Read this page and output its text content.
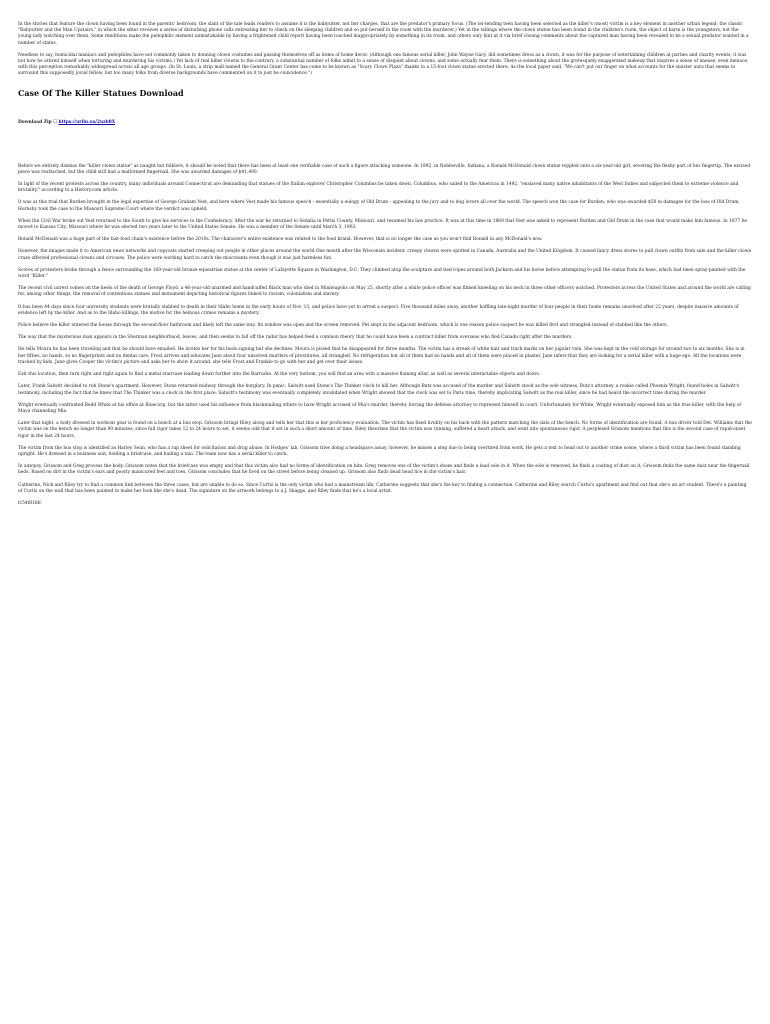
In the stories that feature the clown having been found in the parents' bedroom, the slant of the tale leads readers to assume it is the babysitter, not her charges, that are the predator's primary focus. (The tel-tending teen having been selected as the killer's (most) victim is a key element in another urban legend: the classic "Babysitter and the Man Upstairs," in which the sitter receives a series of disturbing phone calls entreating her to check on the sleeping children and so put herself in the room with the murderer.) Yet in the tellings where the clown statue has been found in the children's room, the object of harm is the youngsters, not the young lady watching over them. Some renditions make the pedophilic element unmistakable by having a frightened child report having been touched inappropriately by something in its room, and others only hint at it via brief closing comments about the captured man having been revealed to be a sexual predator wanted in a number of states.

Needless to say, homicidal maniacs and pedophiles have not commonly taken to donning clown costumes and passing themselves off as items of home decor. (Although one famous serial killer, John Wayne Gacy, did sometimes dress as a clown, it was for the purpose of entertaining children at parties and charity events; it was not how he attired himself when torturing and murdering his victims.) Yet lack of real killer clowns to the contrary, a substantial number of folks admit to a sense of disquiet about clowns, and some actually fear them. There is something about the grotesquely exaggerated makeup that inspires a sense of unease, even menace, with this perception remarkably widespread across all age groups. (In St. Louis, a strip mall named the General Grant Center has come to be known as "Scary Clown Plaza" thanks to a 15-foot clown statue erected there. As the local paper said, "We can't put our finger on what accounts for the sinister aura that seems to surround this supposedly jovial fellow, but too many folks from diverse backgrounds have commented on it to just be coincidence.")

Case Of The Killer Statues Download
Download Zip ☐ https://urlin.us/2nzb8X

Before we entirely dismiss the "killer clown statue" as naught but folklore, it should be noted that there has been at least one verifiable case of such a figure attacking someone. In 1992, in Noblesville, Indiana, a Ronald McDonald clown statue toppled onto a six-year-old girl, severing the fleshy part of her fingertip. The excised piece was reattached, but the child still had a malformed fingernail. She was awarded damages of $41,400.

In light of the recent protests across the country, many individuals around Connecticut are demanding that statues of the Italian explorer Christopher Columbus be taken down. Columbus, who sailed to the Americas in 1492, "enslaved many native inhabitants of the West Indies and subjected them to extreme violence and brutality," according to a History.com article.

It was at this trial that Burden brought in the legal expertise of George Graham Vest, and here where Vest made his famous speech - essentially a eulogy of Old Drum - appealing to the jury and to dog lovers all over the world. The speech won the case for Burden, who was awarded $50 in damages for the loss of Old Drum. Hornsby took the case to the Missouri Supreme Court where the verdict was upheld.

When the Civil War broke out Vest returned to the South to give his services to the Confederacy. After the war he returned to Sedalia in Pettis County, Missouri, and resumed his law practice. It was at this time in 1869 that Vest was asked to represent Burden and Old Drum in the case that would make him famous. In 1877 he moved to Kansas City, Missouri where he was elected two years later to the United States Senate. He was a member of the Senate until March 3, 1903.

Ronald McDonald was a huge part of the fast-food chain's existence before the 2010s. The character's entire existence was related to the food brand. However, that is no longer the case as you won't find Ronald in any McDonald's now.

However, the images made it to American news networks and copycats started creeping out people in other places around the world.One month after the Wisconsin incident, creepy clowns were spotted in Canada, Australia and the United Kingdom. It caused fancy dress stores to pull clown outfits from sale and the killer clown craze affected professional clowns and circuses. The police were working hard to catch the miscreants even though it was just harmless fun.

Scores of protesters broke through a fence surrounding the 160-year-old bronze equestrian statue at the center of Lafayette Square in Washington, D.C. They climbed atop the sculpture and tied ropes around both Jackson and his horse before attempting to pull the statue from its base, which had been spray-painted with the word "Killer."

The recent civil unrest comes on the heels of the death of George Floyd, a 46-year-old unarmed and handcuffed Black man who died in Minneapolis on May 25, shortly after a white police officer was filmed kneeling on his neck in three other officers watched. Protesters across the United States and around the world are calling for, among other things, the removal of contentious statues and monument depicting historical figures linked to racism, colonialism and slavery.

It has been 44 days since four university students were brutally stabbed to death in their Idaho home in the early hours of Nov. 13, and police have yet to arrest a suspect. Five thousand miles away, another baffling late-night murder of four people in their home remains unsolved after 22 years, despite massive amounts of evidence left by the killer. And as to the Idaho killings, the motive for the heinous crimes remains a mystery.

Police believe the killer entered the house through the second-floor bathroom and likely left the same way. Its window was open and the screen removed. Pet slept in the adjacent bedroom, which is one reason police suspect he was killed first and strangled instead of stabbed like the others.

The way that the mysterious man appears in the Sherman neighborhood, leaves, and then seems to fall off the radar has helped feed a common theory that he could have been a contract killer from overseas who fled Canada right after the murders.

He tells Moura he has been traveling and that he should have emailed. He invites her for his book signing but she declines. Moura is pissed that he disappeared for three months. The victim has a streak of white hair and track marks on her jugular vein. She was kept in the cold storage for around two to six months. She is in her fifties, no hands, so no fingerprints and no dental care. Frost arrives and educates Jane about four unsolved murders of prostitutes, all strangled. No refrigeration but all of them had no hands and all of them were placed in plaster. Jane infers that they are looking for a serial killer with a huge ego. All the locations were tracked by kids. Jane gives Cooper the victim's picture and asks her to show it around. she tells Frost and Frankie to go with her and get over their issues.

Exit this location, then turn right and right again to find a metal staircase leading down further into the Barracks. At the very bottom, you will find an area with a massive flaming altar, as well as several interactable objects and doors.

Later, Frank Salwitt decided to rob Stone's apartment. However, Stone returned midway through the burglary. In panic, Salwitt used Stone's The Thinker clock to kill her. Although Butz was accused of the murder and Salwitt stood as the sole witness, Butz's attorney, a rookie called Phoenix Wright, found holes in Salwitt's testimony, including the fact that he knew that The Thinker was a clock in the first place. Salwitt's testimony was eventually completely invalidated when Wright showed that the clock was set to Paris time, thereby implicating Salwitt as the real killer, since he had heard the incorrect time during the murder.

Wright eventually confronted Redd White at his office at Bluecorp, but the latter used his influence from blackmailing others to have Wright accused of Mia's murder, thereby forcing the defense attorney to represent himself in court. Unfortunately for White, Wright eventually exposed him as the true killer, with the help of Maya channeling Mia.

Later that night, a body dressed in workout gear is found on a bench at a bus stop. Grissom brings Riley along and tells her that this is her proficiency evaluation. The victim has fixed lividity on his back with the pattern matching the slats of the bench. No forms of identification are found. A bus driver told Det. Williams that the victim was on the bench no longer than 90 minutes; since full rigor takes 12 to 24 hours to set, it seems odd that it set in such a short amount of time. Riley theorizes that the victim was running, suffered a heart attack, and went into spontaneous rigor. A perplexed Grissom mentions that this is the second case of rapid-onset rigor in the last 24 hours.

The victim from the bus stop is identified as Harley Sean, who has a rap sheet for solicitation and drug abuse. In Hodges' lab, Grissom tries doing a headspace assay; however, he misses a step due to being overtired from work. He gets a text to head out to another crime scene, where a third victim has been found standing upright. He's dressed in a business suit, holding a briefcase, and hailing a taxi. The team now has a serial killer to catch.

In autopsy, Grissom and Greg process the body. Grissom notes that the briefcase was empty and that this victim also had no forms of identification on him. Greg removes one of the victim's shoes and finds a lead sole in it. When the sole is removed, he finds a coating of dust on it; Grissom finds the same dust near the fingernail beds. Based on dirt in the victim's ears and poorly manicured feet and toes, Grissom concludes that he lived on the street before being cleaned up. Grissom also finds dead head lice in the victim's hair.

Catherine, Nick and Riley try to find a common link between the three cases, but are unable to do so. Since Curtis is the only victim who had a mainstream life, Catherine suggests that she's the key to finding a connection. Catherine and Riley search Curtis's apartment and find out that she's an art student. There's a painting of Curtis on the wall that has been painted to make her look like she's dead. The signature on the artwork belongs to a J. Skaggs, and Riley finds that he's a local artist.

fc54f818fc
